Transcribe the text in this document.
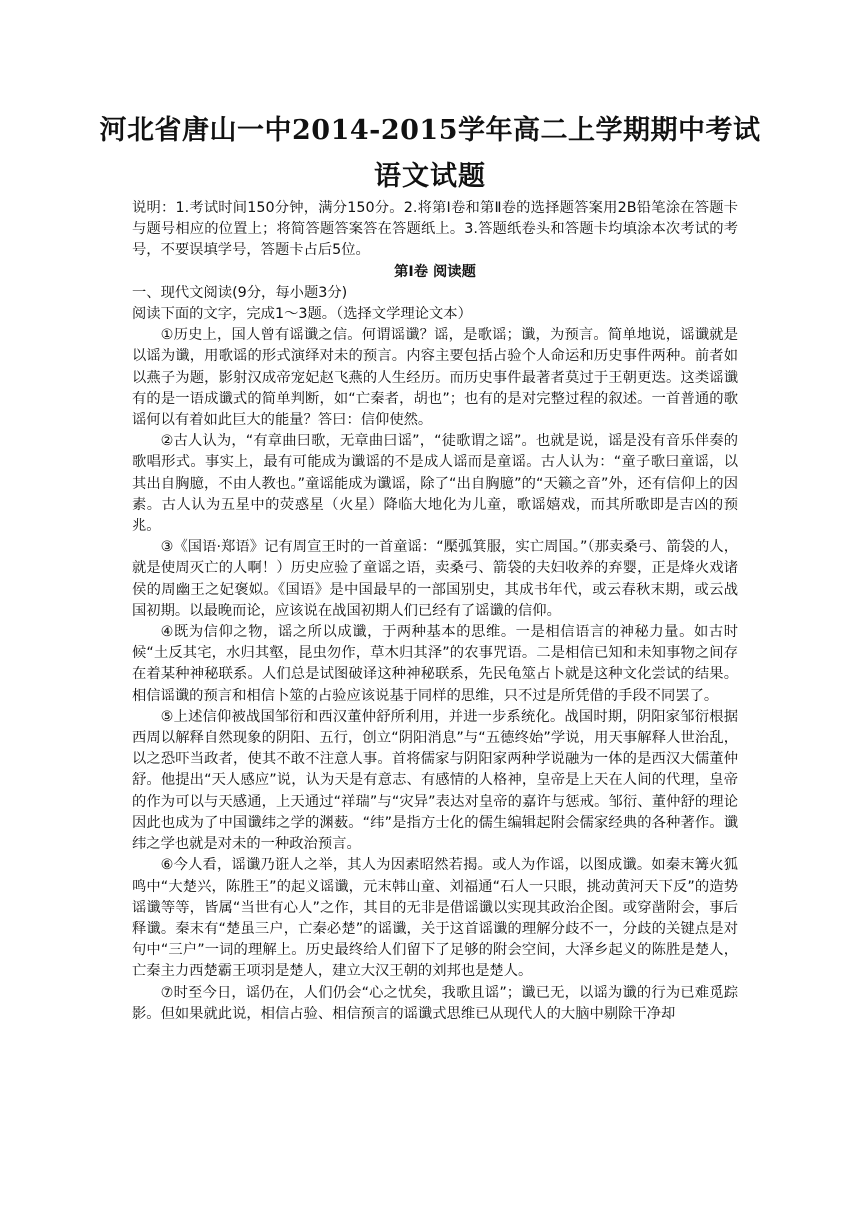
河北省唐山一中2014-2015学年高二上学期期中考试
语文试题

说明：1.考试时间150分钟，满分150分。2.将第Ⅰ卷和第Ⅱ卷的选择题答案用2B铅笔涂在答题卡与题号相应的位置上；将简答题答案答在答题纸上。3.答题纸卷头和答题卡均填涂本次考试的考号，不要误填学号，答题卡占后5位。

第Ⅰ卷 阅读题

一、现代文阅读(9分，每小题3分)

阅读下面的文字，完成1～3题。（选择文学理论文本）

①历史上，国人曾有谣谶之信。何谓谣谶？谣，是歌谣；谶，为预言。简单地说，谣谶就是以谣为谶，用歌谣的形式演绎对未的预言。内容主要包括占验个人命运和历史事件两种。前者如以燕子为题，影射汉成帝宠妃赵飞燕的人生经历。而历史事件最著者莫过于王朝更迭。这类谣谶有的是一语成谶式的简单判断，如“亡秦者，胡也”；也有的是对完整过程的叙述。一首普通的歌谣何以有着如此巨大的能量？答曰：信仰使然。

②古人认为，“有章曲曰歌，无章曲曰谣”，“徒歌谓之谣”。也就是说，谣是没有音乐伴奏的歌唱形式。事实上，最有可能成为谶谣的不是成人谣而是童谣。古人认为：“童子歌曰童谣，以其出自胸臆，不由人教也。”童谣能成为谶谣，除了“出自胸臆”的“天籁之音”外，还有信仰上的因素。古人认为五星中的荧惑星（火星）降临大地化为儿童，歌谣嬉戏，而其所歌即是吉凶的预兆。

③《国语·郑语》记有周宣王时的一首童谣：“檿弧箕服，实亡周国。”（那卖桑弓、箭袋的人，就是使周灭亡的人啊！）历史应验了童谣之语，卖桑弓、箭袋的夫妇收养的弃婴，正是烽火戏诸侯的周幽王之妃褒姒。《国语》是中国最早的一部国别史，其成书年代，或云春秋末期，或云战国初期。以最晚而论，应该说在战国初期人们已经有了谣谶的信仰。

④既为信仰之物，谣之所以成谶，于两种基本的思维。一是相信语言的神秘力量。如古时候“土反其宅，水归其壑，昆虫勿作，草木归其泽”的农事咒语。二是相信已知和未知事物之间存在着某种神秘联系。人们总是试图破译这种神秘联系，先民龟筮占卜就是这种文化尝试的结果。相信谣谶的预言和相信卜筮的占验应该说基于同样的思维，只不过是所凭借的手段不同罢了。

⑤上述信仰被战国邹衍和西汉董仲舒所利用，并进一步系统化。战国时期，阴阳家邹衍根据西周以解释自然现象的阴阳、五行，创立“阴阳消息”与“五德终始”学说，用天事解释人世治乱，以之恐吓当政者，使其不敢不注意人事。首将儒家与阴阳家两种学说融为一体的是西汉大儒董仲舒。他提出“天人感应”说，认为天是有意志、有感情的人格神，皇帝是上天在人间的代理，皇帝的作为可以与天感通，上天通过“祥瑞”与“灾异”表达对皇帝的嘉许与惩戒。邹衍、董仲舒的理论因此也成为了中国谶纬之学的渊薮。“纬”是指方士化的儒生编辑起附会儒家经典的各种著作。谶纬之学也就是对未的一种政治预言。

⑥今人看，谣谶乃诳人之举，其人为因素昭然若揭。或人为作谣，以图成谶。如秦末篝火狐鸣中“大楚兴，陈胜王”的起义谣谶，元末韩山童、刘福通“石人一只眼，挑动黄河天下反”的造势谣谶等等，皆属“当世有心人”之作，其目的无非是借谣谶以实现其政治企图。或穿凿附会，事后释谶。秦末有“楚虽三户，亡秦必楚”的谣谶，关于这首谣谶的理解分歧不一，分歧的关键点是对句中“三户”一词的理解上。历史最终给人们留下了足够的附会空间，大泽乡起义的陈胜是楚人，亡秦主力西楚霸王项羽是楚人，建立大汉王朝的刘邦也是楚人。

⑦时至今日，谣仍在，人们仍会“心之忧矣，我歌且谣”；谶已无，以谣为谶的行为已难觅踪影。但如果就此说，相信占验、相信预言的谣谶式思维已从现代人的大脑中剔除干净却
